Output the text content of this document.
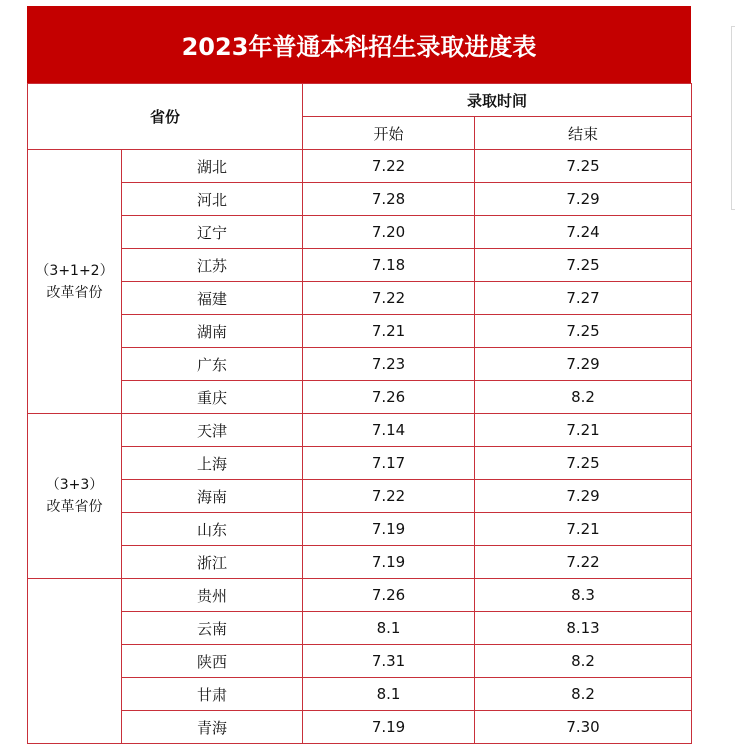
2023年普通本科招生录取进度表
省份		录取时间	
		开始	结束

（3+1+2）
改革省份	湖北	7.22	7.25
	河北	7.28	7.29
	辽宁	7.20	7.24
	江苏	7.18	7.25
	福建	7.22	7.27
	湖南	7.21	7.25
	广东	7.23	7.29
	重庆	7.26	8.2

（3+3）
改革省份	天津	7.14	7.21
	上海	7.17	7.25
	海南	7.22	7.29
	山东	7.19	7.21
	浙江	7.19	7.22

	贵州	7.26	8.3
	云南	8.1	8.13
	陕西	7.31	8.2
	甘肃	8.1	8.2
	青海	7.19	7.30
